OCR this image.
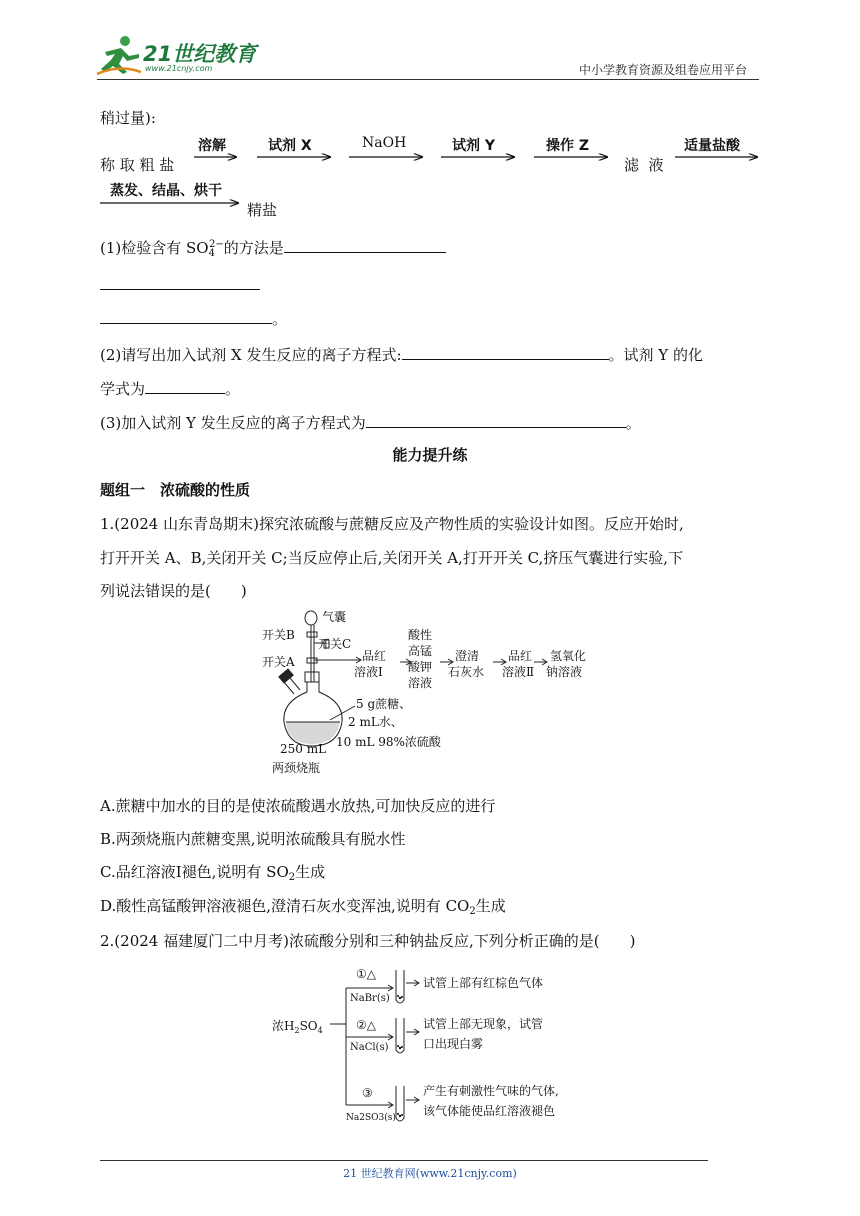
21世纪教育
www.21cnjy.com	中小学教育资源及组卷应用平台
稍过量):
称 取 粗 盐
溶解	试剂 X	NaOH	试剂 Y	操作 Z
滤  液
适量盐酸
蒸发、结晶、烘干
精盐
(1)检验含有 $SO_4^{2-}$的方法是
。
(2)请写出加入试剂 X 发生反应的离子方程式:	。试剂 Y 的化
学式为	。
(3)加入试剂 Y 发生反应的离子方程式为	。
能力提升练
题组一　浓硫酸的性质
1.(2024 山东青岛期末)探究浓硫酸与蔗糖反应及产物性质的实验设计如图。反应开始时,
打开开关 A、B,关闭开关 C;当反应停止后,关闭开关 A,打开开关 C,挤压气囊进行实验,下
列说法错误的是(　　)
气囊
开关B
开关C
开关A	品红
溶液Ⅰ
酸性
高锰
酸钾
溶液
澄清
石灰水
品红
溶液Ⅱ
氢氧化
钠溶液
5 g蔗糖、
2 mL水、
10 mL 98%浓硫酸
250 mL
两颈烧瓶
A.蔗糖中加水的目的是使浓硫酸遇水放热,可加快反应的进行
B.两颈烧瓶内蔗糖变黑,说明浓硫酸具有脱水性
C.品红溶液Ⅰ褪色,说明有 $SO_2$生成
D.酸性高锰酸钾溶液褪色,澄清石灰水变浑浊,说明有 $CO_2$生成
2.(2024 福建厦门二中月考)浓硫酸分别和三种钠盐反应,下列分析正确的是(　　)
浓$H_2SO_4$
①△
NaBr(s)
②△
NaCl(s)
③
Na2SO3(s)
试管上部有红棕色气体
试管上部无现象，试管
口出现白雾
产生有刺激性气味的气体,
该气体能使品红溶液褪色
21 世纪教育网(www.21cnjy.com)
